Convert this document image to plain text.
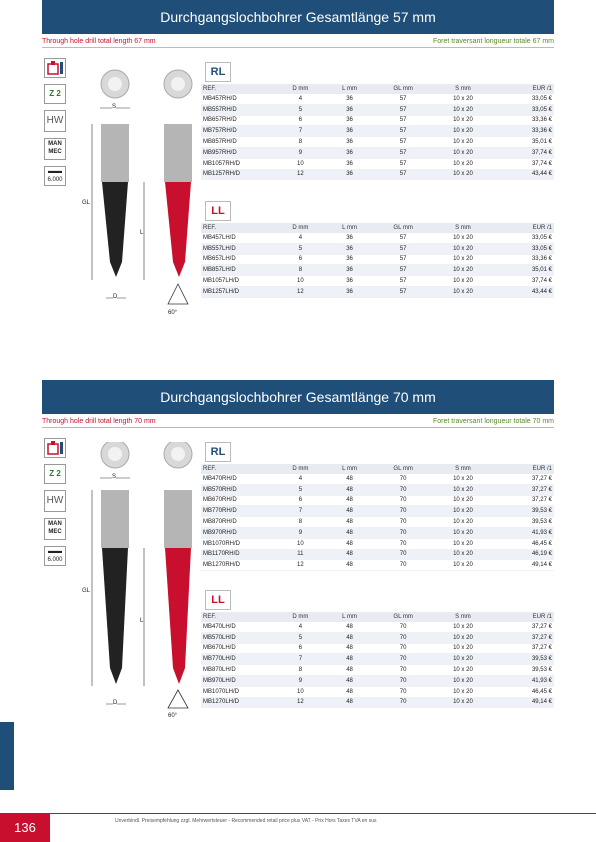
Durchgangslochbohrer Gesamtlänge 57 mm
Through hole drill total length 67 mm	Foret traversant longueur totale 67 mm
Z 2
HW
MAN
MEC
▬▬
6.000
S
GL
L
D
60°
RL
REF.	D mm	L mm	GL mm	S mm	EUR /1
MB457RH/D	4	36	57	10 x 20	33,05 €
MB557RH/D	5	36	57	10 x 20	33,05 €
MB657RH/D	6	36	57	10 x 20	33,36 €
MB757RH/D	7	36	57	10 x 20	33,36 €
MB857RH/D	8	36	57	10 x 20	35,01 €
MB957RH/D	9	36	57	10 x 20	37,74 €
MB1057RH/D	10	36	57	10 x 20	37,74 €
MB1257RH/D	12	36	57	10 x 20	43,44 €
LL
REF.	D mm	L mm	GL mm	S mm	EUR /1
MB457LH/D	4	36	57	10 x 20	33,05 €
MB557LH/D	5	36	57	10 x 20	33,05 €
MB657LH/D	6	36	57	10 x 20	33,36 €
MB857LH/D	8	36	57	10 x 20	35,01 €
MB1057LH/D	10	36	57	10 x 20	37,74 €
MB1257LH/D	12	36	57	10 x 20	43,44 €
Durchgangslochbohrer Gesamtlänge 70 mm
Through hole drill total length 70 mm	Foret traversant longueur totale 70 mm
Z 2
HW
MAN
MEC
▬▬
6.000
S
GL
L
D
60°
RL
REF.	D mm	L mm	GL mm	S mm	EUR /1
MB470RH/D	4	48	70	10 x 20	37,27 €
MB570RH/D	5	48	70	10 x 20	37,27 €
MB670RH/D	6	48	70	10 x 20	37,27 €
MB770RH/D	7	48	70	10 x 20	39,53 €
MB870RH/D	8	48	70	10 x 20	39,53 €
MB970RH/D	9	48	70	10 x 20	41,93 €
MB1070RH/D	10	48	70	10 x 20	46,45 €
MB1170RH/D	11	48	70	10 x 20	46,19 €
MB1270RH/D	12	48	70	10 x 20	49,14 €
LL
REF.	D mm	L mm	GL mm	S mm	EUR /1
MB470LH/D	4	48	70	10 x 20	37,27 €
MB570LH/D	5	48	70	10 x 20	37,27 €
MB670LH/D	6	48	70	10 x 20	37,27 €
MB770LH/D	7	48	70	10 x 20	39,53 €
MB870LH/D	8	48	70	10 x 20	39,53 €
MB970LH/D	9	48	70	10 x 20	41,93 €
MB1070LH/D	10	48	70	10 x 20	46,45 €
MB1270LH/D	12	48	70	10 x 20	49,14 €
136	Unverbindl. Preisempfehlung zzgl. Mehrwertsteuer - Recommended retail price plus VAT - Prix Hors Taxes TVA en sus
